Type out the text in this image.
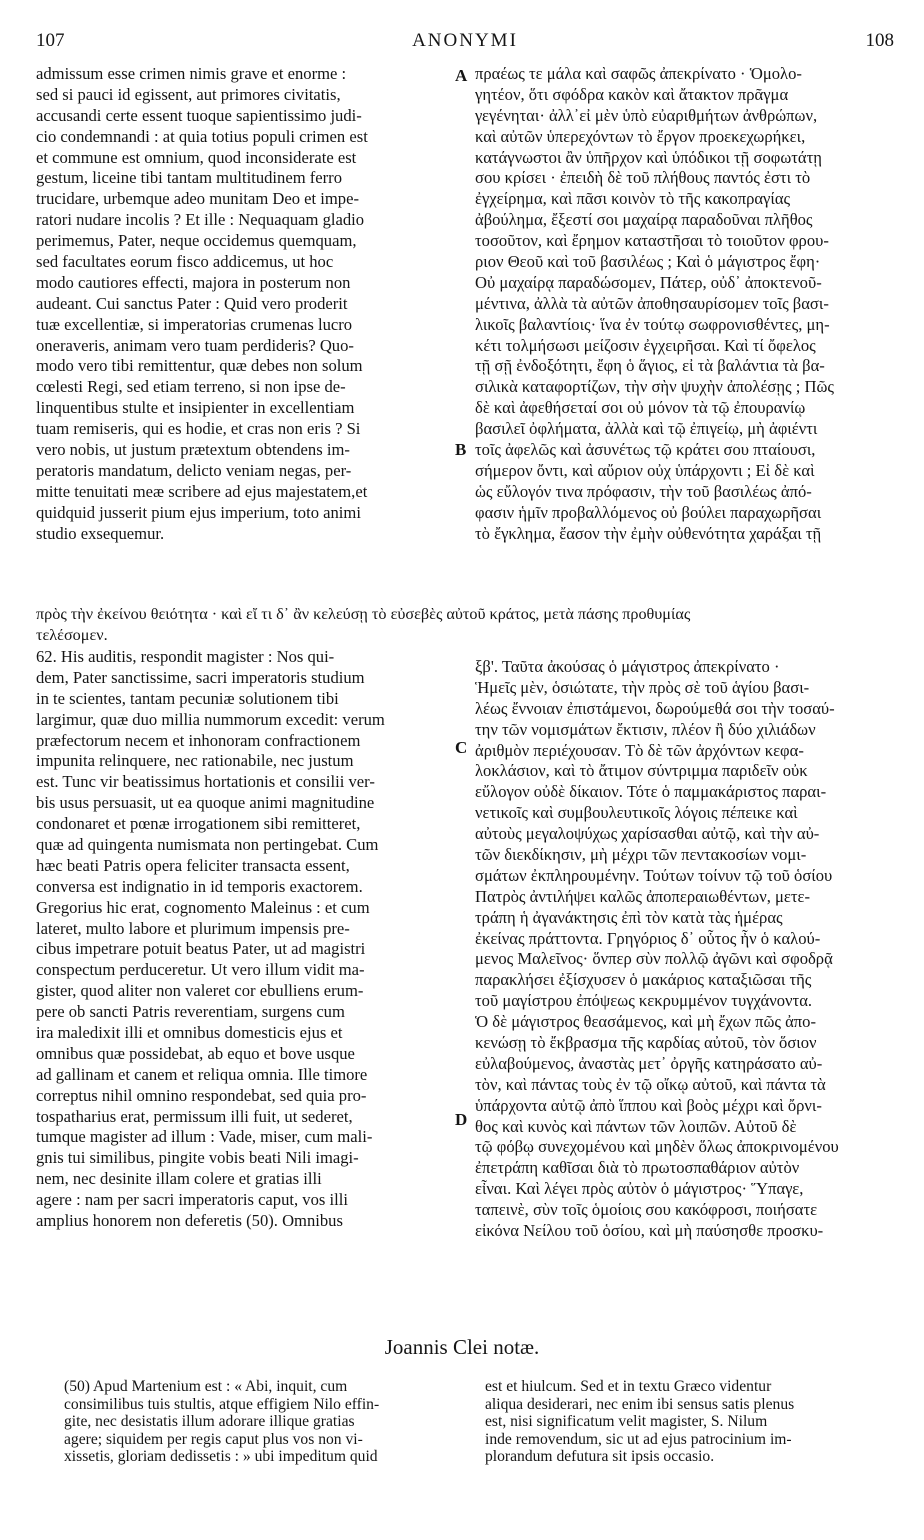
107	ΑΝΟΝΥΜΙ	108
admissum esse crimen nimis grave et enorme :
sed si pauci id egissent, aut primores civitatis,
accusandi certe essent tuoque sapientissimo judi-
cio condemnandi : at quia totius populi crimen est
et commune est omnium, quod inconsiderate est
gestum, liceine tibi tantam multitudinem ferro
trucidare, urbemque adeo munitam Deo et impe-
ratori nudare incolis ? Et ille : Nequaquam gladio
perimemus, Pater, neque occidemus quemquam,
sed facultates eorum fisco addicemus, ut hoc
modo cautiores effecti, majora in posterum non
audeant. Cui sanctus Pater : Quid vero proderit
tuæ excellentiæ, si imperatorias crumenas lucro
oneraveris, animam vero tuam perdideris? Quo-
modo vero tibi remittentur, quæ debes non solum
cœlesti Regi, sed etiam terreno, si non ipse de-
linquentibus stulte et insipienter in excellentiam
tuam remiseris, qui es hodie, et cras non eris ? Si
vero nobis, ut justum prætextum obtendens im-
peratoris mandatum, delicto veniam negas, per-
mitte tenuitati meæ scribere ad ejus majestatem,et
quidquid jusserit pium ejus imperium, toto animi
studio exsequemur.
πραέως τε μάλα καὶ σαφῶς ἀπεκρίνατο · Ὁμολο-
γητέον, ὅτι σφόδρα κακὸν καὶ ἄτακτον πρᾶγμα
γεγένηται· ἀλλ᾽εἰ μὲν ὑπὸ εὐαριθμήτων ἀνθρώπων,
καὶ αὐτῶν ὑπερεχόντων τὸ ἔργον προεκεχωρήκει,
κατάγνωστοι ἂν ὑπῆρχον καὶ ὑπόδικοι τῇ σοφωτάτῃ
σου κρίσει · ἐπειδὴ δὲ τοῦ πλήθους παντός ἐστι τὸ
ἐγχείρημα, καὶ πᾶσι κοινὸν τὸ τῆς κακοπραγίας
ἀβούλημα, ἔξεστί σοι μαχαίρᾳ παραδοῦναι πλῆθος
τοσοῦτον, καὶ ἔρημον καταστῆσαι τὸ τοιοῦτον φρου-
ριον Θεοῦ καὶ τοῦ βασιλέως ; Καὶ ὁ μάγιστρος ἔφη·
Οὐ μαχαίρᾳ παραδώσομεν, Πάτερ, οὐδ᾽ ἀποκτενοῦ-
μέντινα, ἀλλὰ τὰ αὐτῶν ἀποθησαυρίσομεν τοῖς βασι-
λικοῖς βαλαντίοις· ἵνα ἐν τούτῳ σωφρονισθέντες, μη-
κέτι τολμήσωσι μείζοσιν ἐγχειρῆσαι. Καὶ τί ὄφελος
τῇ σῇ ἐνδοξότητι, ἔφη ὁ ἅγιος, εἰ τὰ βαλάντια τὰ βα-
σιλικὰ καταφορτίζων, τὴν σὴν ψυχὴν ἀπολέσῃς ; Πῶς
δὲ καὶ ἀφεθήσεταί σοι οὐ μόνον τὰ τῷ ἐπουρανίῳ
βασιλεῖ ὀφλήματα, ἀλλὰ καὶ τῷ ἐπιγείῳ, μὴ ἀφιέντι
τοῖς ἀφελῶς καὶ ἀσυνέτως τῷ κράτει σου πταίουσι,
σήμερον ὄντι, καὶ αὔριον οὐχ ὑπάρχοντι ; Εἰ δὲ καὶ
ὡς εὔλογόν τινα πρόφασιν, τὴν τοῦ βασιλέως ἀπό-
φασιν ἡμῖν προβαλλόμενος οὐ βούλει παραχωρῆσαι
τὸ ἔγκλημα, ἔασον τὴν ἐμὴν οὐθενότητα χαράξαι τῇ
A
B
C
D
πρὸς τὴν ἐκείνου θειότητα · καὶ εἴ τι δ᾽ ἂν κελεύσῃ τὸ εὐσεβὲς αὐτοῦ κράτος, μετὰ πάσης προθυμίας
τελέσομεν.
62. His auditis, respondit magister : Nos qui-
dem, Pater sanctissime, sacri imperatoris studium
in te scientes, tantam pecuniæ solutionem tibi
largimur, quæ duo millia nummorum excedit: verum
præfectorum necem et inhonoram confractionem
impunita relinquere, nec rationabile, nec justum
est. Tunc vir beatissimus hortationis et consilii ver-
bis usus persuasit, ut ea quoque animi magnitudine
condonaret et pœnæ irrogationem sibi remitteret,
quæ ad quingenta numismata non pertingebat. Cum
hæc beati Patris opera feliciter transacta essent,
conversa est indignatio in id temporis exactorem.
Gregorius hic erat, cognomento Maleinus : et cum
lateret, multo labore et plurimum impensis pre-
cibus impetrare potuit beatus Pater, ut ad magistri
conspectum perduceretur. Ut vero illum vidit ma-
gister, quod aliter non valeret cor ebulliens erum-
pere ob sancti Patris reverentiam, surgens cum
ira maledixit illi et omnibus domesticis ejus et
omnibus quæ possidebat, ab equo et bove usque
ad gallinam et canem et reliqua omnia. Ille timore
correptus nihil omnino respondebat, sed quia pro-
tospatharius erat, permissum illi fuit, ut sederet,
tumque magister ad illum : Vade, miser, cum mali-
gnis tui similibus, pingite vobis beati Nili imagi-
nem, nec desinite illam colere et gratias illi
agere : nam per sacri imperatoris caput, vos illi
amplius honorem non deferetis (50). Omnibus
ξβ'. Ταῦτα ἀκούσας ὁ μάγιστρος ἀπεκρίνατο ·
Ἡμεῖς μὲν, ὁσιώτατε, τὴν πρὸς σὲ τοῦ ἁγίου βασι-
λέως ἔννοιαν ἐπιστάμενοι, δωρούμεθά σοι τὴν τοσαύ-
την τῶν νομισμάτων ἔκτισιν, πλέον ἢ δύο χιλιάδων
ἀριθμὸν περιέχουσαν. Τὸ δὲ τῶν ἀρχόντων κεφα-
λοκλάσιον, καὶ τὸ ἄτιμον σύντριμμα παριδεῖν οὐκ
εὔλογον οὐδὲ δίκαιον. Τότε ὁ παμμακάριστος παραι-
νετικοῖς καὶ συμβουλευτικοῖς λόγοις πέπεικε καὶ
αὐτοὺς μεγαλοψύχως χαρίσασθαι αὐτῷ, καὶ τὴν αὐ-
τῶν διεκδίκησιν, μὴ μέχρι τῶν πεντακοσίων νομι-
σμάτων ἐκπληρουμένην. Τούτων τοίνυν τῷ τοῦ ὁσίου
Πατρὸς ἀντιλήψει καλῶς ἀποπεραιωθέντων, μετε-
τράπη ἡ ἀγανάκτησις ἐπὶ τὸν κατὰ τὰς ἡμέρας
ἐκείνας πράττοντα. Γρηγόριος δ᾽ οὗτος ἦν ὁ καλού-
μενος Μαλεῖνος· ὅνπερ σὺν πολλῷ ἀγῶνι καὶ σφοδρᾷ
παρακλήσει ἐξίσχυσεν ὁ μακάριος καταξιῶσαι τῆς
τοῦ μαγίστρου ἐπόψεως κεκρυμμένον τυγχάνοντα.
Ὁ δὲ μάγιστρος θεασάμενος, καὶ μὴ ἔχων πῶς ἀπο-
κενώσῃ τὸ ἔκβρασμα τῆς καρδίας αὐτοῦ, τὸν ὅσιον
εὐλαβούμενος, ἀναστὰς μετ᾽ ὀργῆς κατηράσατο αὐ-
τὸν, καὶ πάντας τοὺς ἐν τῷ οἴκῳ αὐτοῦ, καὶ πάντα τὰ
ὑπάρχοντα αὐτῷ ἀπὸ ἵππου καὶ βοὸς μέχρι καὶ ὄρνι-
θος καὶ κυνὸς καὶ πάντων τῶν λοιπῶν. Αὐτοῦ δὲ
τῷ φόβῳ συνεχομένου καὶ μηδὲν ὅλως ἀποκρινομένου
ἐπετράπη καθῖσαι διὰ τὸ πρωτοσπαθάριον αὐτὸν
εἶναι. Καὶ λέγει πρὸς αὐτὸν ὁ μάγιστρος· Ὕπαγε,
ταπεινὲ, σὺν τοῖς ὁμοίοις σου κακόφροσι, ποιήσατε
εἰκόνα Νείλου τοῦ ὁσίου, καὶ μὴ παύσησθε προσκυ-
Joannis Clei notæ.
(50) Apud Martenium est : « Abi, inquit, cum
consimilibus tuis stultis, atque effigiem Nilo effin-
gite, nec desistatis illum adorare illique gratias
agere; siquidem per regis caput plus vos non vi-
xissetis, gloriam dedissetis : » ubi impeditum quid
est et hiulcum. Sed et in textu Græco videntur
aliqua desiderari, nec enim ibi sensus satis plenus
est, nisi significatum velit magister, S. Nilum
inde removendum, sic ut ad ejus patrocinium im-
plorandum defutura sit ipsis occasio.
